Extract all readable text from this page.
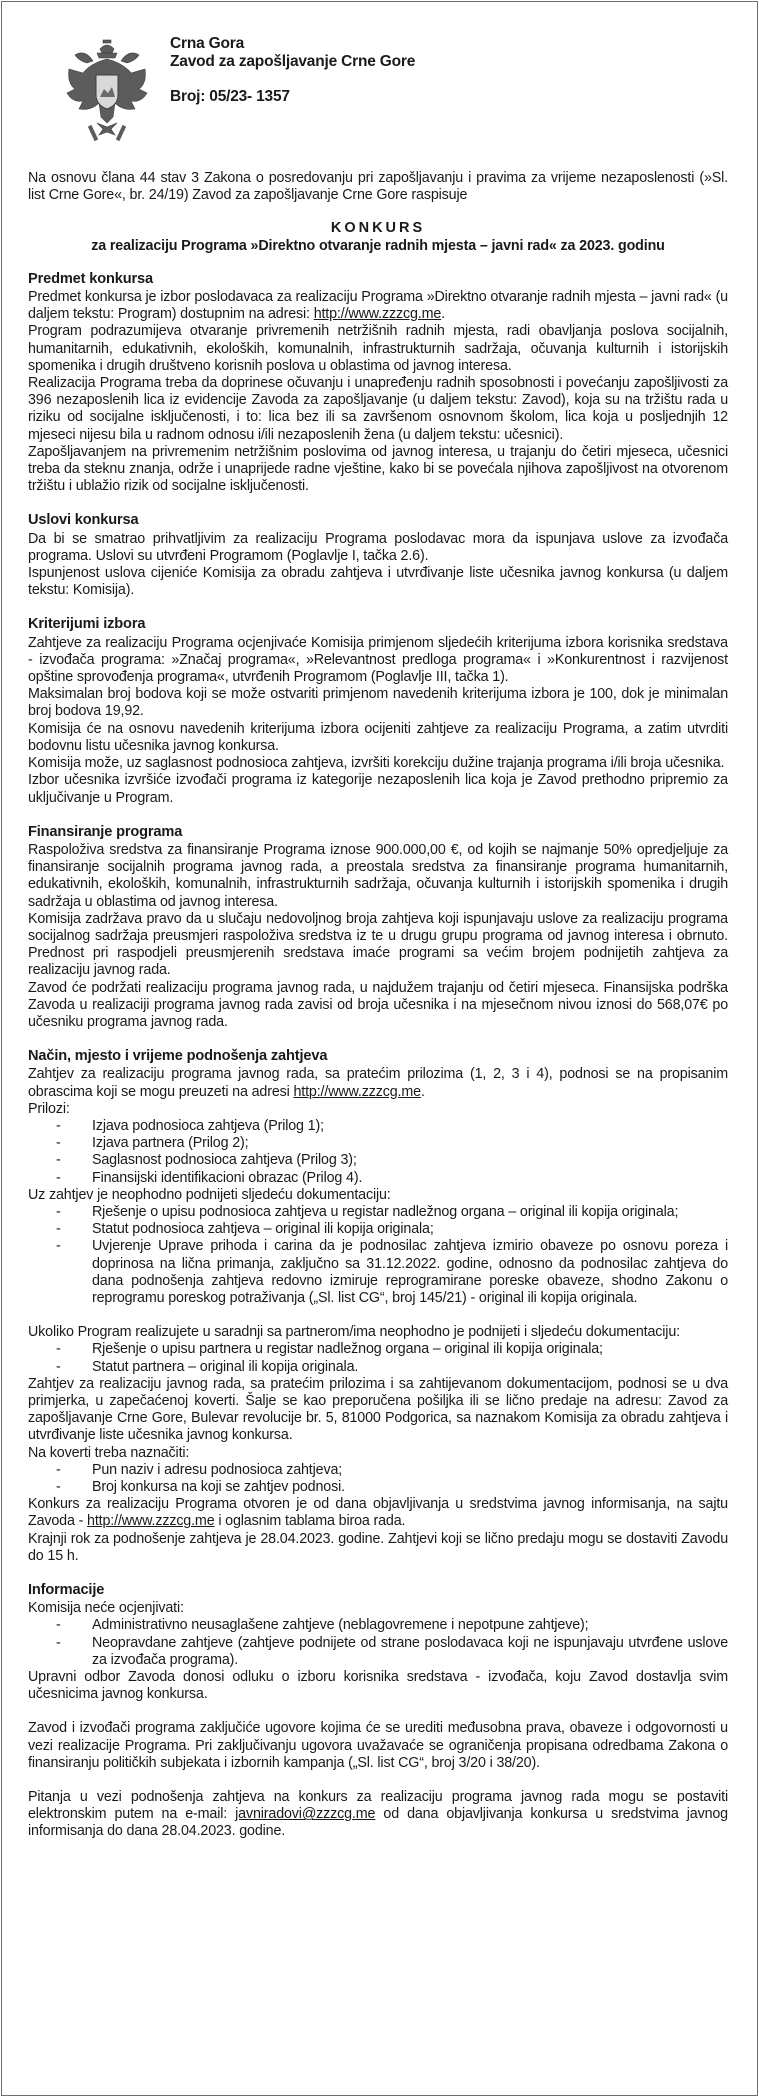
Crna Gora
Zavod za zapošljavanje Crne Gore
Broj: 05/23- 1357

Na osnovu člana 44 stav 3 Zakona o posredovanju pri zapošljavanju i pravima za vrijeme nezaposlenosti (»Sl. list Crne Gore«, br. 24/19) Zavod za zapošljavanje Crne Gore raspisuje

KONKURS
za realizaciju Programa »Direktno otvaranje radnih mjesta – javni rad« za 2023. godinu
Predmet konkursa

Predmet konkursa je izbor poslodavaca za realizaciju Programa »Direktno otvaranje radnih mjesta – javni rad« (u daljem tekstu: Program) dostupnim na adresi: http://www.zzzcg.me.

Program podrazumijeva otvaranje privremenih netržišnih radnih mjesta, radi obavljanja poslova socijalnih, humanitarnih, edukativnih, ekoloških, komunalnih, infrastrukturnih sadržaja, očuvanja kulturnih i istorijskih spomenika i drugih društveno korisnih poslova u oblastima od javnog interesa.

Realizacija Programa treba da doprinese očuvanju i unapređenju radnih sposobnosti i povećanju zapošljivosti za 396 nezaposlenih lica iz evidencije Zavoda za zapošljavanje (u daljem tekstu: Zavod), koja su na tržištu rada u riziku od socijalne isključenosti, i to: lica bez ili sa završenom osnovnom školom, lica koja u posljednjih 12 mjeseci nijesu bila u radnom odnosu i/ili nezaposlenih žena (u daljem tekstu: učesnici).

Zapošljavanjem na privremenim netržišnim poslovima od javnog interesa, u trajanju do četiri mjeseca, učesnici treba da steknu znanja, održe i unaprijede radne vještine, kako bi se povećala njihova zapošljivost na otvorenom tržištu i ublažio rizik od socijalne isključenosti.

Uslovi konkursa

Da bi se smatrao prihvatljivim za realizaciju Programa poslodavac mora da ispunjava uslove za izvođača programa. Uslovi su utvrđeni Programom (Poglavlje I, tačka 2.6).

Ispunjenost uslova cijeniće Komisija za obradu zahtjeva i utvrđivanje liste učesnika javnog konkursa (u daljem tekstu: Komisija).

Kriterijumi izbora

Zahtjeve za realizaciju Programa ocjenjivaće Komisija primjenom sljedećih kriterijuma izbora korisnika sredstava - izvođača programa: »Značaj programa«, »Relevantnost predloga programa« i »Konkurentnost i razvijenost opštine sprovođenja programa«, utvrđenih Programom (Poglavlje III, tačka 1).

Maksimalan broj bodova koji se može ostvariti primjenom navedenih kriterijuma izbora je 100, dok je minimalan broj bodova 19,92.

Komisija će na osnovu navedenih kriterijuma izbora ocijeniti zahtjeve za realizaciju Programa, a zatim utvrditi bodovnu listu učesnika javnog konkursa.

Komisija može, uz saglasnost podnosioca zahtjeva, izvršiti korekciju dužine trajanja programa i/ili broja učesnika.

Izbor učesnika izvršiće izvođači programa iz kategorije nezaposlenih lica koja je Zavod prethodno pripremio za uključivanje u Program.

Finansiranje programa

Raspoloživa sredstva za finansiranje Programa iznose 900.000,00 €, od kojih se najmanje 50% opredjeljuje za finansiranje socijalnih programa javnog rada, a preostala sredstva za finansiranje programa humanitarnih, edukativnih, ekoloških, komunalnih, infrastrukturnih sadržaja, očuvanja kulturnih i istorijskih spomenika i drugih sadržaja u oblastima od javnog interesa.

Komisija zadržava pravo da u slučaju nedovoljnog broja zahtjeva koji ispunjavaju uslove za realizaciju programa socijalnog sadržaja preusmjeri raspoloživa sredstva iz te u drugu grupu programa od javnog interesa i obrnuto. Prednost pri raspodjeli preusmjerenih sredstava imaće programi sa većim brojem podnijetih zahtjeva za realizaciju javnog rada.

Zavod će podržati realizaciju programa javnog rada, u najdužem trajanju od četiri mjeseca. Finansijska podrška Zavoda u realizaciji programa javnog rada zavisi od broja učesnika i na mjesečnom nivou iznosi do 568,07€ po učesniku programa javnog rada.

Način, mjesto i vrijeme podnošenja zahtjeva

Zahtjev za realizaciju programa javnog rada, sa pratećim prilozima (1, 2, 3 i 4), podnosi se na propisanim obrascima koji se mogu preuzeti na adresi http://www.zzzcg.me.

Prilozi:

- Izjava podnosioca zahtjeva (Prilog 1);
- Izjava partnera (Prilog 2);
- Saglasnost podnosioca zahtjeva (Prilog 3);
- Finansijski identifikacioni obrazac (Prilog 4).

Uz zahtjev je neophodno podnijeti sljedeću dokumentaciju:

- Rješenje o upisu podnosioca zahtjeva u registar nadležnog organa – original ili kopija originala;
- Statut podnosioca zahtjeva – original ili kopija originala;
- Uvjerenje Uprave prihoda i carina da je podnosilac zahtjeva izmirio obaveze po osnovu poreza i doprinosa na lična primanja, zaključno sa 31.12.2022. godine, odnosno da podnosilac zahtjeva do dana podnošenja zahtjeva redovno izmiruje reprogramirane poreske obaveze, shodno Zakonu o reprogramu poreskog potraživanja („Sl. list CG“, broj 145/21) - original ili kopija originala.

Ukoliko Program realizujete u saradnji sa partnerom/ima neophodno je podnijeti i sljedeću dokumentaciju:

- Rješenje o upisu partnera u registar nadležnog organa – original ili kopija originala;
- Statut partnera – original ili kopija originala.

Zahtjev za realizaciju javnog rada, sa pratećim prilozima i sa zahtijevanom dokumentacijom, podnosi se u dva primjerka, u zapečaćenoj koverti. Šalje se kao preporučena pošiljka ili se lično predaje na adresu: Zavod za zapošljavanje Crne Gore, Bulevar revolucije br. 5, 81000 Podgorica, sa naznakom Komisija za obradu zahtjeva i utvrđivanje liste učesnika javnog konkursa.

Na koverti treba naznačiti:

- Pun naziv i adresu podnosioca zahtjeva;
- Broj konkursa na koji se zahtjev podnosi.

Konkurs za realizaciju Programa otvoren je od dana objavljivanja u sredstvima javnog informisanja, na sajtu Zavoda - http://www.zzzcg.me i oglasnim tablama biroa rada.

Krajnji rok za podnošenje zahtjeva je 28.04.2023. godine. Zahtjevi koji se lično predaju mogu se dostaviti Zavodu do 15 h.

Informacije

Komisija neće ocjenjivati:

- Administrativno neusaglašene zahtjeve (neblagovremene i nepotpune zahtjeve);
- Neopravdane zahtjeve (zahtjeve podnijete od strane poslodavaca koji ne ispunjavaju utvrđene uslove za izvođača programa).

Upravni odbor Zavoda donosi odluku o izboru korisnika sredstava - izvođača, koju Zavod dostavlja svim učesnicima javnog konkursa.

Zavod i izvođači programa zaključiće ugovore kojima će se urediti međusobna prava, obaveze i odgovornosti u vezi realizacije Programa. Pri zaključivanju ugovora uvažavaće se ograničenja propisana odredbama Zakona o finansiranju političkih subjekata i izbornih kampanja („Sl. list CG“, broj 3/20 i 38/20).

Pitanja u vezi podnošenja zahtjeva na konkurs za realizaciju programa javnog rada mogu se postaviti elektronskim putem na e-mail: javniradovi@zzzcg.me od dana objavljivanja konkursa u sredstvima javnog informisanja do dana 28.04.2023. godine.
